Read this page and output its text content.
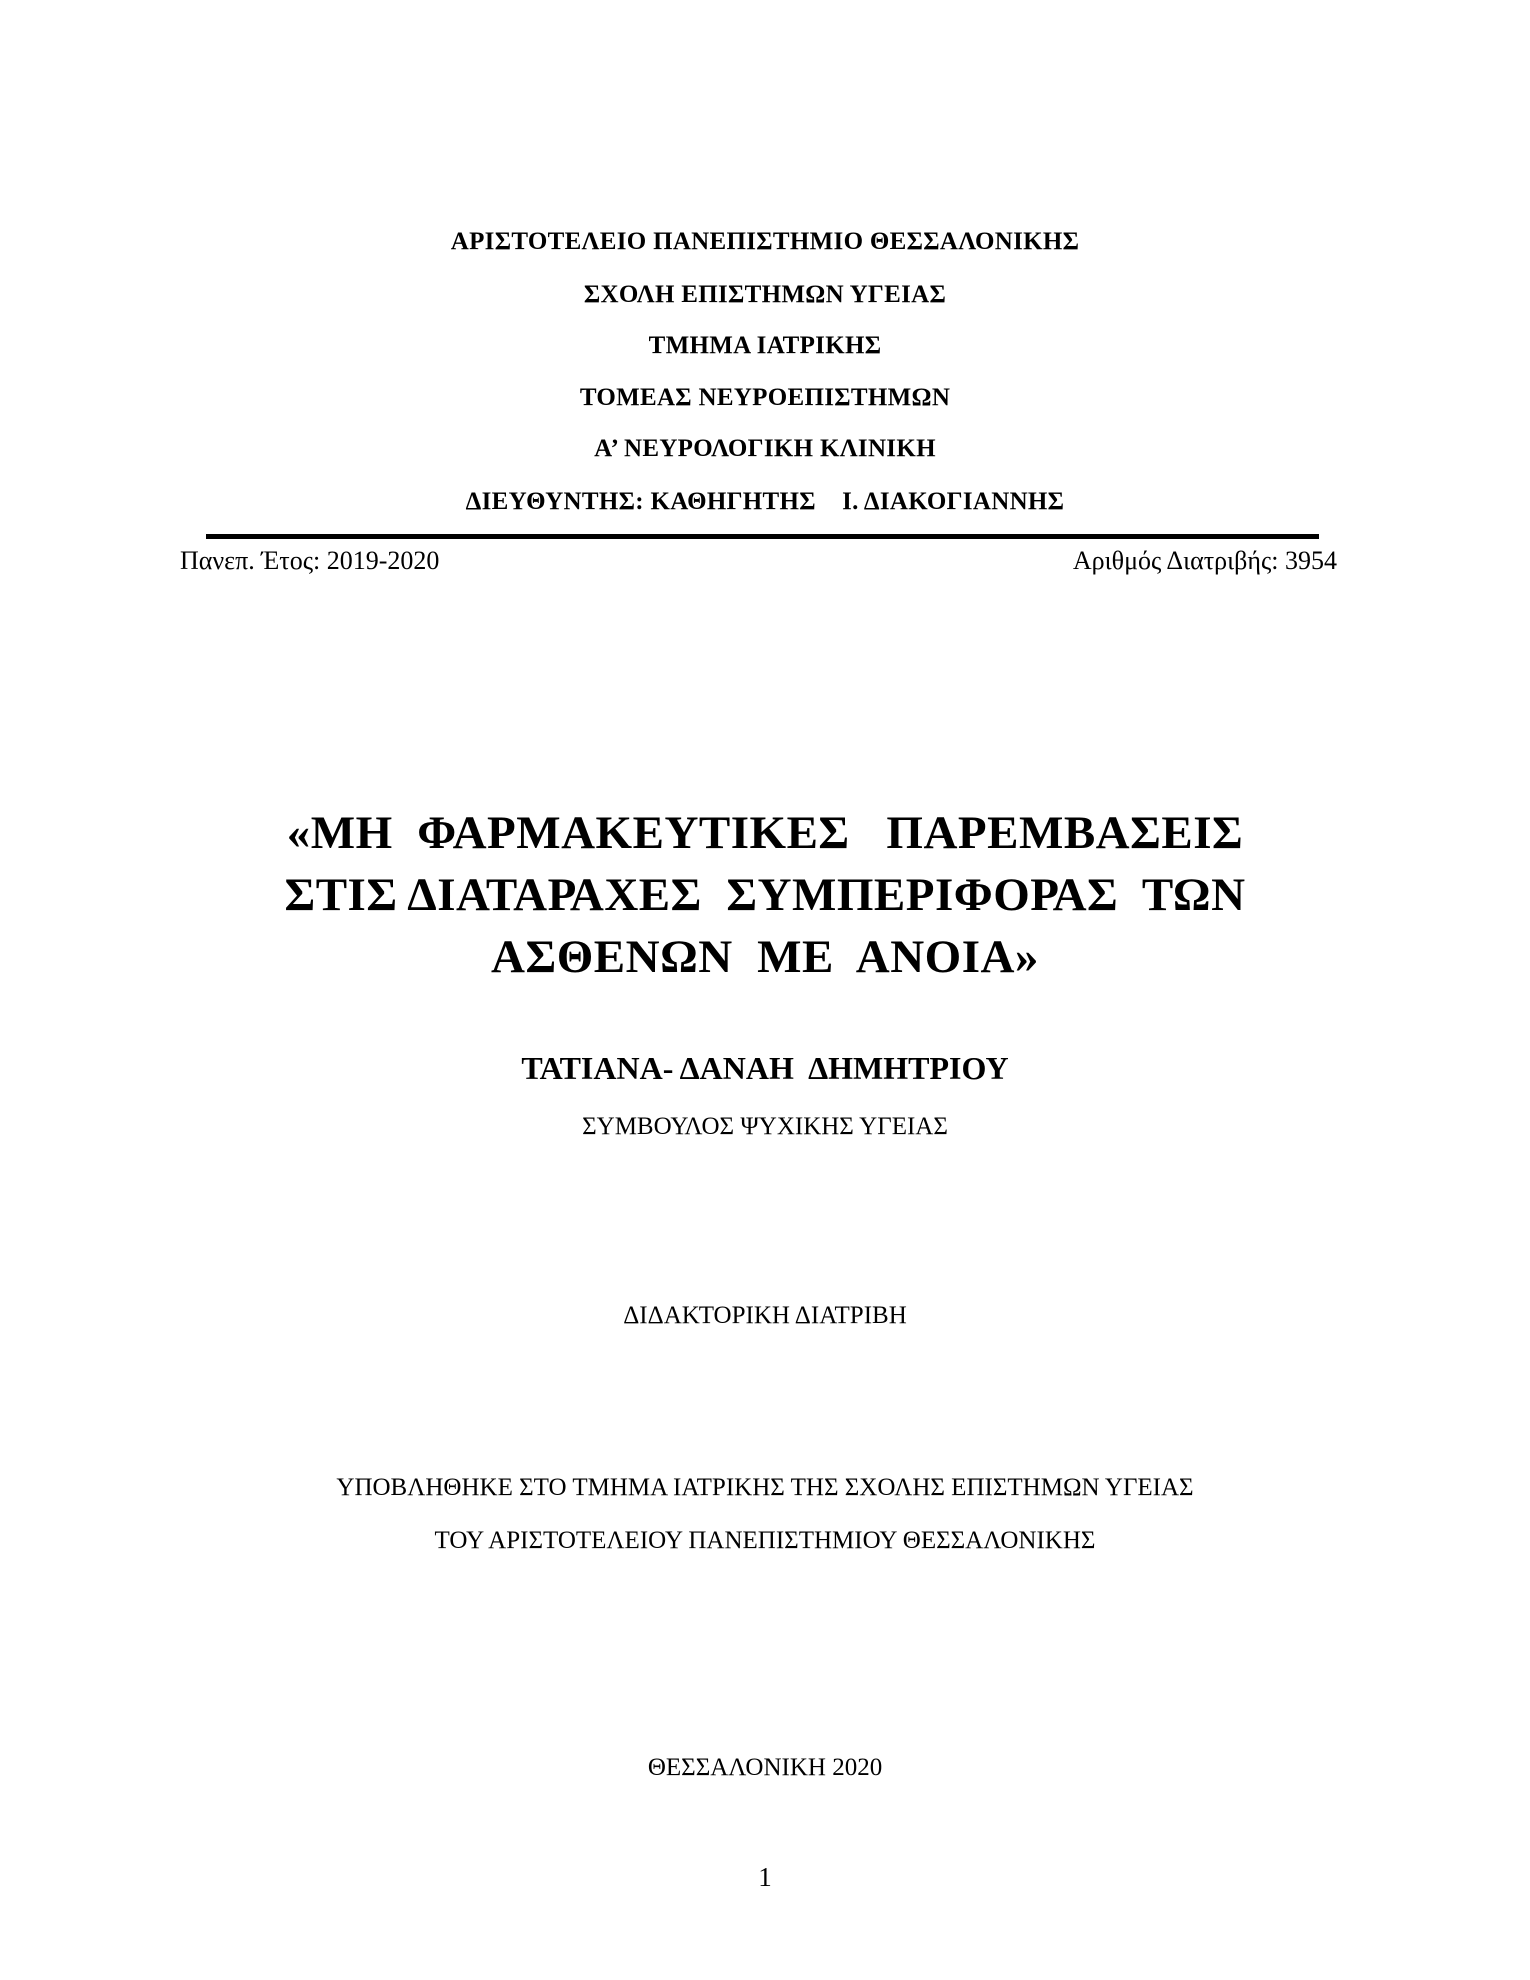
ΑΡΙΣΤΟΤΕΛΕΙΟ ΠΑΝΕΠΙΣΤΗΜΙΟ ΘΕΣΣΑΛΟΝΙΚΗΣ
ΣΧΟΛΗ ΕΠΙΣΤΗΜΩΝ ΥΓΕΙΑΣ
ΤΜΗΜΑ ΙΑΤΡΙΚΗΣ
ΤΟΜΕΑΣ ΝΕΥΡΟΕΠΙΣΤΗΜΩΝ
Α’ ΝΕΥΡΟΛΟΓΙΚΗ ΚΛΙΝΙΚΗ
ΔΙΕΥΘΥΝΤΗΣ: ΚΑΘΗΓΗΤΗΣ    Ι. ΔΙΑΚΟΓΙΑΝΝΗΣ
Πανεπ. Έτος: 2019-2020	Αριθμός Διατριβής: 3954
«ΜΗ  ΦΑΡΜΑΚΕΥΤΙΚΕΣ   ΠΑΡΕΜΒΑΣΕΙΣ
ΣΤΙΣ ΔΙΑΤΑΡΑΧΕΣ  ΣΥΜΠΕΡΙΦΟΡΑΣ  ΤΩΝ
ΑΣΘΕΝΩΝ  ΜΕ  ΑΝΟΙΑ»
ΤΑΤΙΑΝΑ- ΔΑΝΑΗ  ΔΗΜΗΤΡΙΟΥ
ΣΥΜΒΟΥΛΟΣ ΨΥΧΙΚΗΣ ΥΓΕΙΑΣ
ΔΙΔΑΚΤΟΡΙΚΗ ΔΙΑΤΡΙΒΗ
ΥΠΟΒΛΗΘΗΚΕ ΣΤΟ ΤΜΗΜΑ ΙΑΤΡΙΚΗΣ ΤΗΣ ΣΧΟΛΗΣ ΕΠΙΣΤΗΜΩΝ ΥΓΕΙΑΣ
ΤΟΥ ΑΡΙΣΤΟΤΕΛΕΙΟΥ ΠΑΝΕΠΙΣΤΗΜΙΟΥ ΘΕΣΣΑΛΟΝΙΚΗΣ
ΘΕΣΣΑΛΟΝΙΚΗ 2020
1
